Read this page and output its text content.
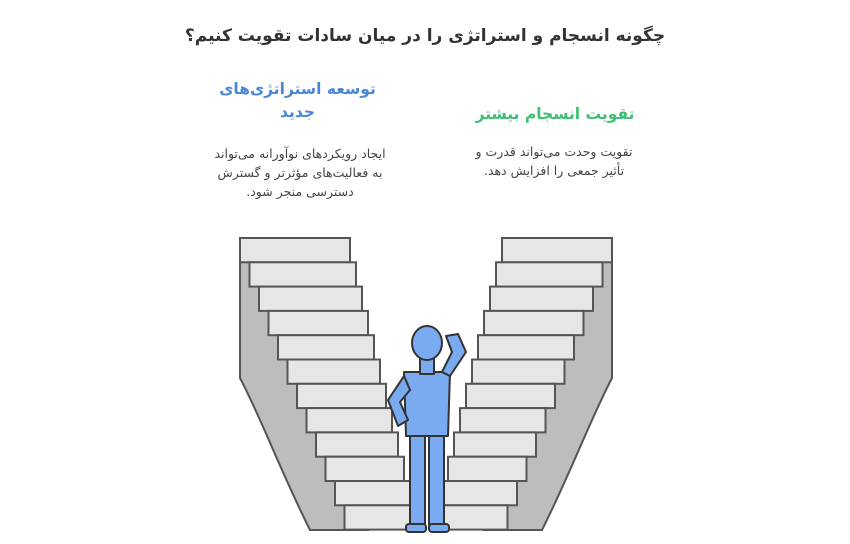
چگونه انسجام و استراتژی را در میان سادات تقویت کنیم؟
توسعه استراتژی‌های جدید
ایجاد رویکردهای نوآورانه می‌تواند به فعالیت‌های مؤثرتر و گسترش دسترسی منجر شود.
تقویت انسجام بیشتر
تقویت وحدت می‌تواند قدرت و تأثیر جمعی را افزایش دهد.
